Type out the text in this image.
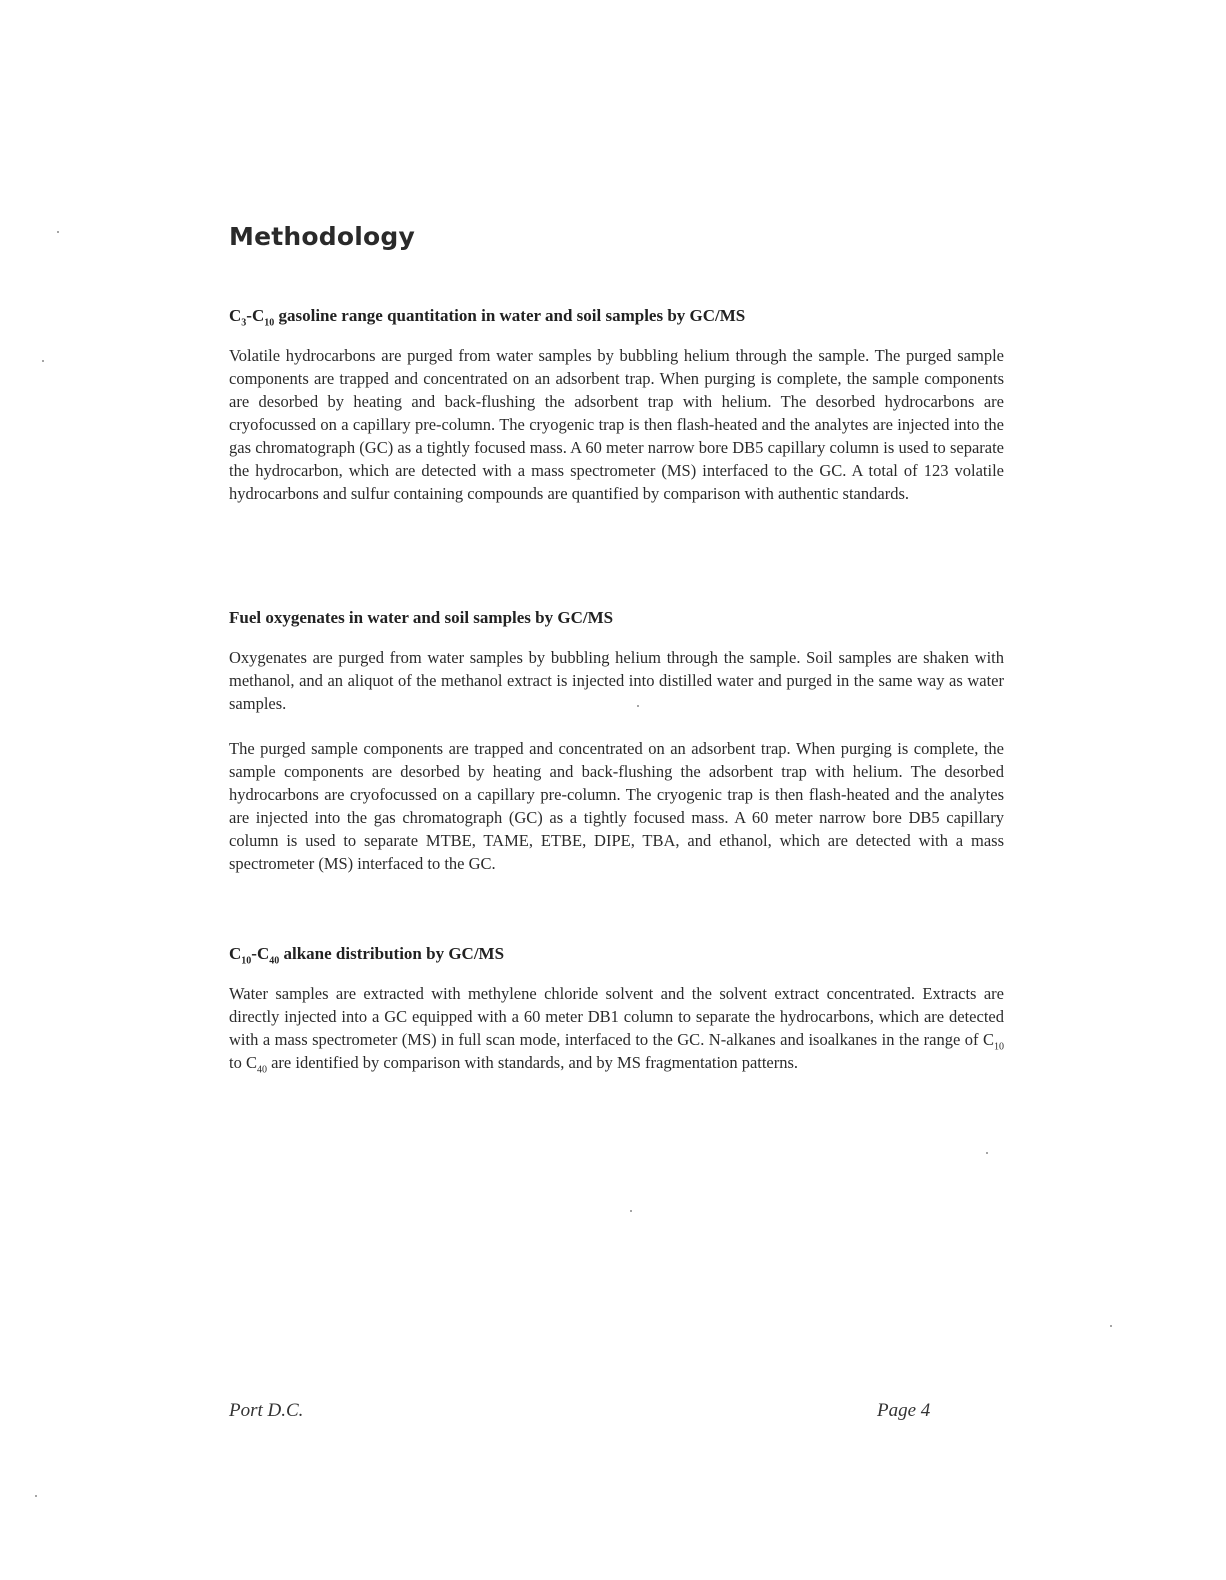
Methodology
$C_3-C_{10}$ gasoline range quantitation in water and soil samples by GC/MS

Volatile hydrocarbons are purged from water samples by bubbling helium through the sample. The purged sample components are trapped and concentrated on an adsorbent trap. When purging is complete, the sample components are desorbed by heating and back-flushing the adsorbent trap with helium. The desorbed hydrocarbons are cryofocussed on a capillary pre-column. The cryogenic trap is then flash-heated and the analytes are injected into the gas chromatograph (GC) as a tightly focused mass. A 60 meter narrow bore DB5 capillary column is used to separate the hydrocarbon, which are detected with a mass spectrometer (MS) interfaced to the GC. A total of 123 volatile hydrocarbons and sulfur containing compounds are quantified by comparison with authentic standards.

Fuel oxygenates in water and soil samples by GC/MS

Oxygenates are purged from water samples by bubbling helium through the sample. Soil samples are shaken with methanol, and an aliquot of the methanol extract is injected into distilled water and purged in the same way as water samples.

The purged sample components are trapped and concentrated on an adsorbent trap. When purging is complete, the sample components are desorbed by heating and back-flushing the adsorbent trap with helium. The desorbed hydrocarbons are cryofocussed on a capillary pre-column. The cryogenic trap is then flash-heated and the analytes are injected into the gas chromatograph (GC) as a tightly focused mass. A 60 meter narrow bore DB5 capillary column is used to separate MTBE, TAME, ETBE, DIPE, TBA, and ethanol, which are detected with a mass spectrometer (MS) interfaced to the GC.

$C_{10}-C_{40}$ alkane distribution by GC/MS

Water samples are extracted with methylene chloride solvent and the solvent extract concentrated. Extracts are directly injected into a GC equipped with a 60 meter DB1 column to separate the hydrocarbons, which are detected with a mass spectrometer (MS) in full scan mode, interfaced to the GC. N-alkanes and isoalkanes in the range of $C_{10}$ to $C_{40}$ are identified by comparison with standards, and by MS fragmentation patterns.

Port D.C.	Page 4
